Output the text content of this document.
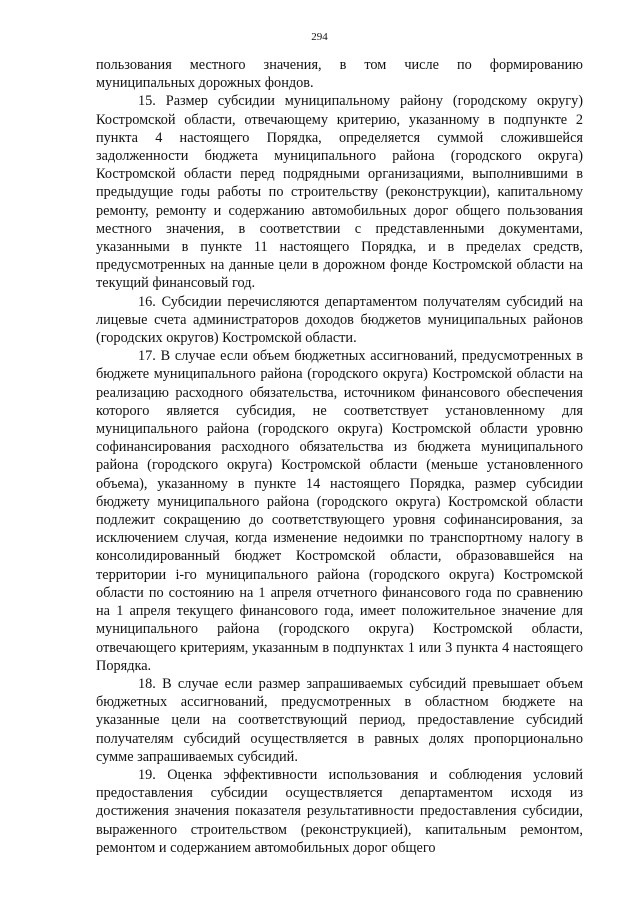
294

пользования местного значения, в том числе по формированию муниципальных дорожных фондов.

15. Размер субсидии муниципальному району (городскому округу) Костромской области, отвечающему критерию, указанному в подпункте 2 пункта 4 настоящего Порядка, определяется суммой сложившейся задолженности бюджета муниципального района (городского округа) Костромской области перед подрядными организациями, выполнившими в предыдущие годы работы по строительству (реконструкции), капитальному ремонту, ремонту и содержанию автомобильных дорог общего пользования местного значения, в соответствии с представленными документами, указанными в пункте 11 настоящего Порядка, и в пределах средств, предусмотренных на данные цели в дорожном фонде Костромской области на текущий финансовый год.

16. Субсидии перечисляются департаментом получателям субсидий на лицевые счета администраторов доходов бюджетов муниципальных районов (городских округов) Костромской области.

17. В случае если объем бюджетных ассигнований, предусмотренных в бюджете муниципального района (городского округа) Костромской области на реализацию расходного обязательства, источником финансового обеспечения которого является субсидия, не соответствует установленному для муниципального района (городского округа) Костромской области уровню софинансирования расходного обязательства из бюджета муниципального района (городского округа) Костромской области (меньше установленного объема), указанному в пункте 14 настоящего Порядка, размер субсидии бюджету муниципального района (городского округа) Костромской области подлежит сокращению до соответствующего уровня софинансирования, за исключением случая, когда изменение недоимки по транспортному налогу в консолидированный бюджет Костромской области, образовавшейся на территории i-го муниципального района (городского округа) Костромской области по состоянию на 1 апреля отчетного финансового года по сравнению на 1 апреля текущего финансового года, имеет положительное значение для муниципального района (городского округа) Костромской области, отвечающего критериям, указанным в подпунктах 1 или 3 пункта 4 настоящего Порядка.

18. В случае если размер запрашиваемых субсидий превышает объем бюджетных ассигнований, предусмотренных в областном бюджете на указанные цели на соответствующий период, предоставление субсидий получателям субсидий осуществляется в равных долях пропорционально сумме запрашиваемых субсидий.

19. Оценка эффективности использования и соблюдения условий предоставления субсидии осуществляется департаментом исходя из достижения значения показателя результативности предоставления субсидии, выраженного строительством (реконструкцией), капитальным ремонтом, ремонтом и содержанием автомобильных дорог общего
